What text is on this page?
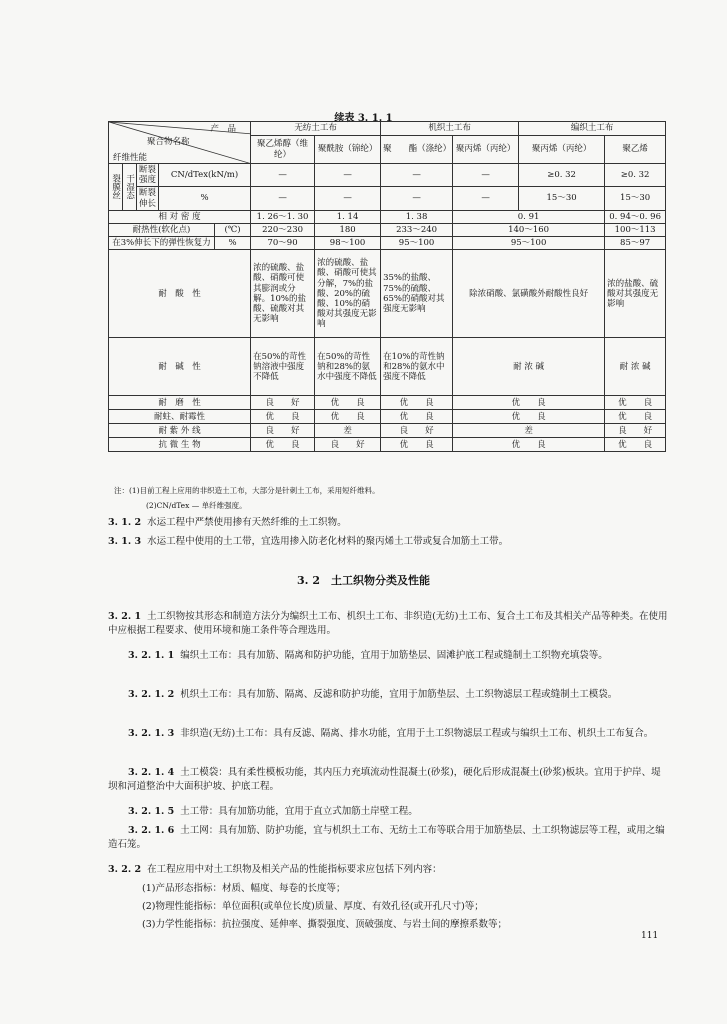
续表 3. 1. 1
产　品
聚合物名称
纤维性能					无纺土工布		机织土工布		编织土工布	
					聚乙烯醇（维纶）	聚酰胺（锦纶）	聚　　酯（涤纶）	聚丙烯（丙纶）	聚丙烯（丙纶）	聚乙烯
裂膜丝	干湿态	断裂强度	CN/dTex(kN/m)		—	—	—	—	≥0. 32	≥0. 32
		断裂伸长	%		—	—	—	—	15～30	15～30
相 对 密 度					1. 26～1. 30	1. 14	1. 38	0. 91		0. 94～0. 96
耐热性(软化点)				(℃)	220～230	180	233～240	140～160		100～113
在3%伸长下的弹性恢复力				%	70～90	98～100	95～100	95～100		85～97
耐　酸　性					浓的硫酸、盐酸、硝酸可使其膨润或分解。10%的盐酸、硫酸对其无影响	浓的硫酸、盐酸、硝酸可使其分解，7%的盐酸、20%的硫酸、10%的硝酸对其强度无影响	35%的盐酸、75%的硫酸、65%的硝酸对其强度无影响	除浓硝酸、氯磺酸外耐酸性良好		浓的盐酸、硫酸对其强度无影响
耐　碱　性					在50%的苛性钠溶液中强度不降低	在50%的苛性钠和28%的氨水中强度不降低	在10%的苛性钠和28%的氨水中强度不降低	耐 浓 碱		耐 浓 碱
耐　磨　性					良　　好	优　　良	优　　良	优　　良		优　　良
耐蛀、耐霉性					优　　良	优　　良	优　　良	优　　良		优　　良
耐 紫 外 线					良　　好	差	良　　好	差		良　　好
抗 微 生 物					优　　良	良　　好	优　　良	优　　良		优　　良
注：(1)目前工程上应用的非织造土工布，大部分是针刺土工布，采用短纤维料。
(2)CN/dTex — 单纤维强度。
3. 1. 2 水运工程中严禁使用掺有天然纤维的土工织物。
3. 1. 3 水运工程中使用的土工带，宜选用掺入防老化材料的聚丙烯土工带或复合加筋土工带。
3. 2　土工织物分类及性能
3. 2. 1 土工织物按其形态和制造方法分为编织土工布、机织土工布、非织造(无纺)土工布、复合土工布及其相关产品等种类。在使用中应根据工程要求、使用环境和施工条件等合理选用。
3. 2. 1. 1 编织土工布：具有加筋、隔离和防护功能，宜用于加筋垫层、固滩护底工程或缝制土工织物充填袋等。
3. 2. 1. 2 机织土工布：具有加筋、隔离、反滤和防护功能，宜用于加筋垫层、土工织物滤层工程或缝制土工模袋。
3. 2. 1. 3 非织造(无纺)土工布：具有反滤、隔离、排水功能，宜用于土工织物滤层工程或与编织土工布、机织土工布复合。
3. 2. 1. 4 土工模袋：具有柔性模板功能，其内压力充填流动性混凝土(砂浆)，硬化后形成混凝土(砂浆)板块。宜用于护岸、堤坝和河道整治中大面积护坡、护底工程。
3. 2. 1. 5 土工带：具有加筋功能，宜用于直立式加筋土岸壁工程。
3. 2. 1. 6 土工网：具有加筋、防护功能，宜与机织土工布、无纺土工布等联合用于加筋垫层、土工织物滤层等工程，或用之编造石笼。
3. 2. 2 在工程应用中对土工织物及相关产品的性能指标要求应包括下列内容：
(1)产品形态指标：材质、幅度、每卷的长度等；
(2)物理性能指标：单位面积(或单位长度)质量、厚度、有效孔径(或开孔尺寸)等；
(3)力学性能指标：抗拉强度、延伸率、撕裂强度、顶破强度、与岩土间的摩擦系数等；
111
